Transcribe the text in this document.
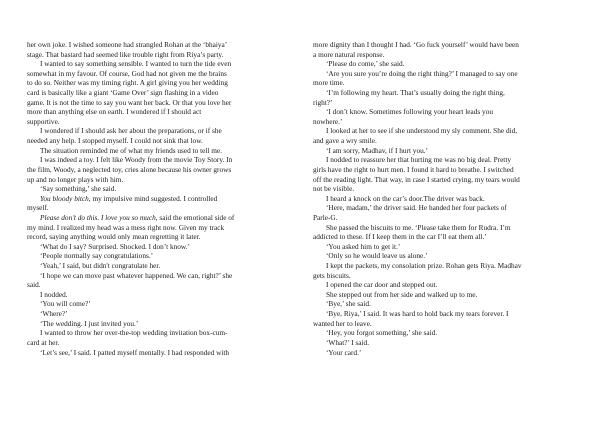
her own joke. I wished someone had strangled Rohan at the ‘bhaiya’
stage. That bastard had seemed like trouble right from Riya’s party.
I wanted to say something sensible. I wanted to turn the tide even
somewhat in my favour. Of course, God had not given me the brains
to do so. Neither was my timing right. A girl giving you her wedding
card is basically like a giant ‘Game Over’ sign flashing in a video
game. It is not the time to say you want her back. Or that you love her
more than anything else on earth. I wondered if I should act
supportive.
I wondered if I should ask her about the preparations, or if she
needed any help. I stopped myself. I could not sink that low.
The situation reminded me of what my friends used to tell me.
I was indeed a toy. I felt like Woody from the movie Toy Story. In
the film, Woody, a neglected toy, cries alone because his owner grows
up and no longer plays with him.
‘Say something,’ she said.
You bloody bitch, my impulsive mind suggested. I controlled
myself.
Please don’t do this. I love you so much, said the emotional side of
my mind. I realized my head was a mess right now. Given my track
record, saying anything would only mean regretting it later.
‘What do I say? Surprised. Shocked. I don’t know.’
‘People normally say congratulations.’
‘Yeah,’ I said, but didn't congratulate her.
‘I hope we can move past whatever happened. We can, right?’ she
said.
I nodded.
‘You will come?’
‘Where?’
‘The wedding. I just invited you.’
I wanted to throw her over-the-top wedding invitation box-cum-
card at her.
‘Let’s see,’ I said. I patted myself mentally. I had responded with
more dignity than I thought I had. ‘Go fuck yourself’ would have been
a more natural response.
‘Please do come,’ she said.
‘Are you sure you’re doing the right thing?’ I managed to say one
more time.
‘I’m following my heart. That’s usually doing the right thing,
right?’
‘I don’t know. Sometimes following your heart leads you
nowhere.’
I looked at her to see if she understood my sly comment. She did,
and gave a wry smile.
‘I am sorry, Madhav, if I hurt you.’
I nodded to reassure her that hurting me was no big deal. Pretty
girls have the right to hurt men. I found it hard to breathe. I switched
off the reading light. That way, in case I started crying, my tears would
not be visible.
I heard a knock on the car’s door.The driver was back.
‘Here, madam,’ the driver said. He handed her four packets of
Parle-G.
She passed the biscuits to me. ‘Please take them for Rudra. I’m
addicted to these. If I keep them in the car I’ll eat them all.’
‘You asked him to get it.’
‘Only so he would leave us alone.’
I kept the packets, my consolation prize. Rohan gets Riya. Madhav
gets biscuits.
I opened the car door and stepped out.
She stepped out from her side and walked up to me.
‘Bye,’ she said.
‘Bye, Riya,’ I said. It was hard to hold back my tears forever. I
wanted her to leave.
‘Hey, you forgot something,’ she said.
‘What?’ I said.
‘Your card.’
